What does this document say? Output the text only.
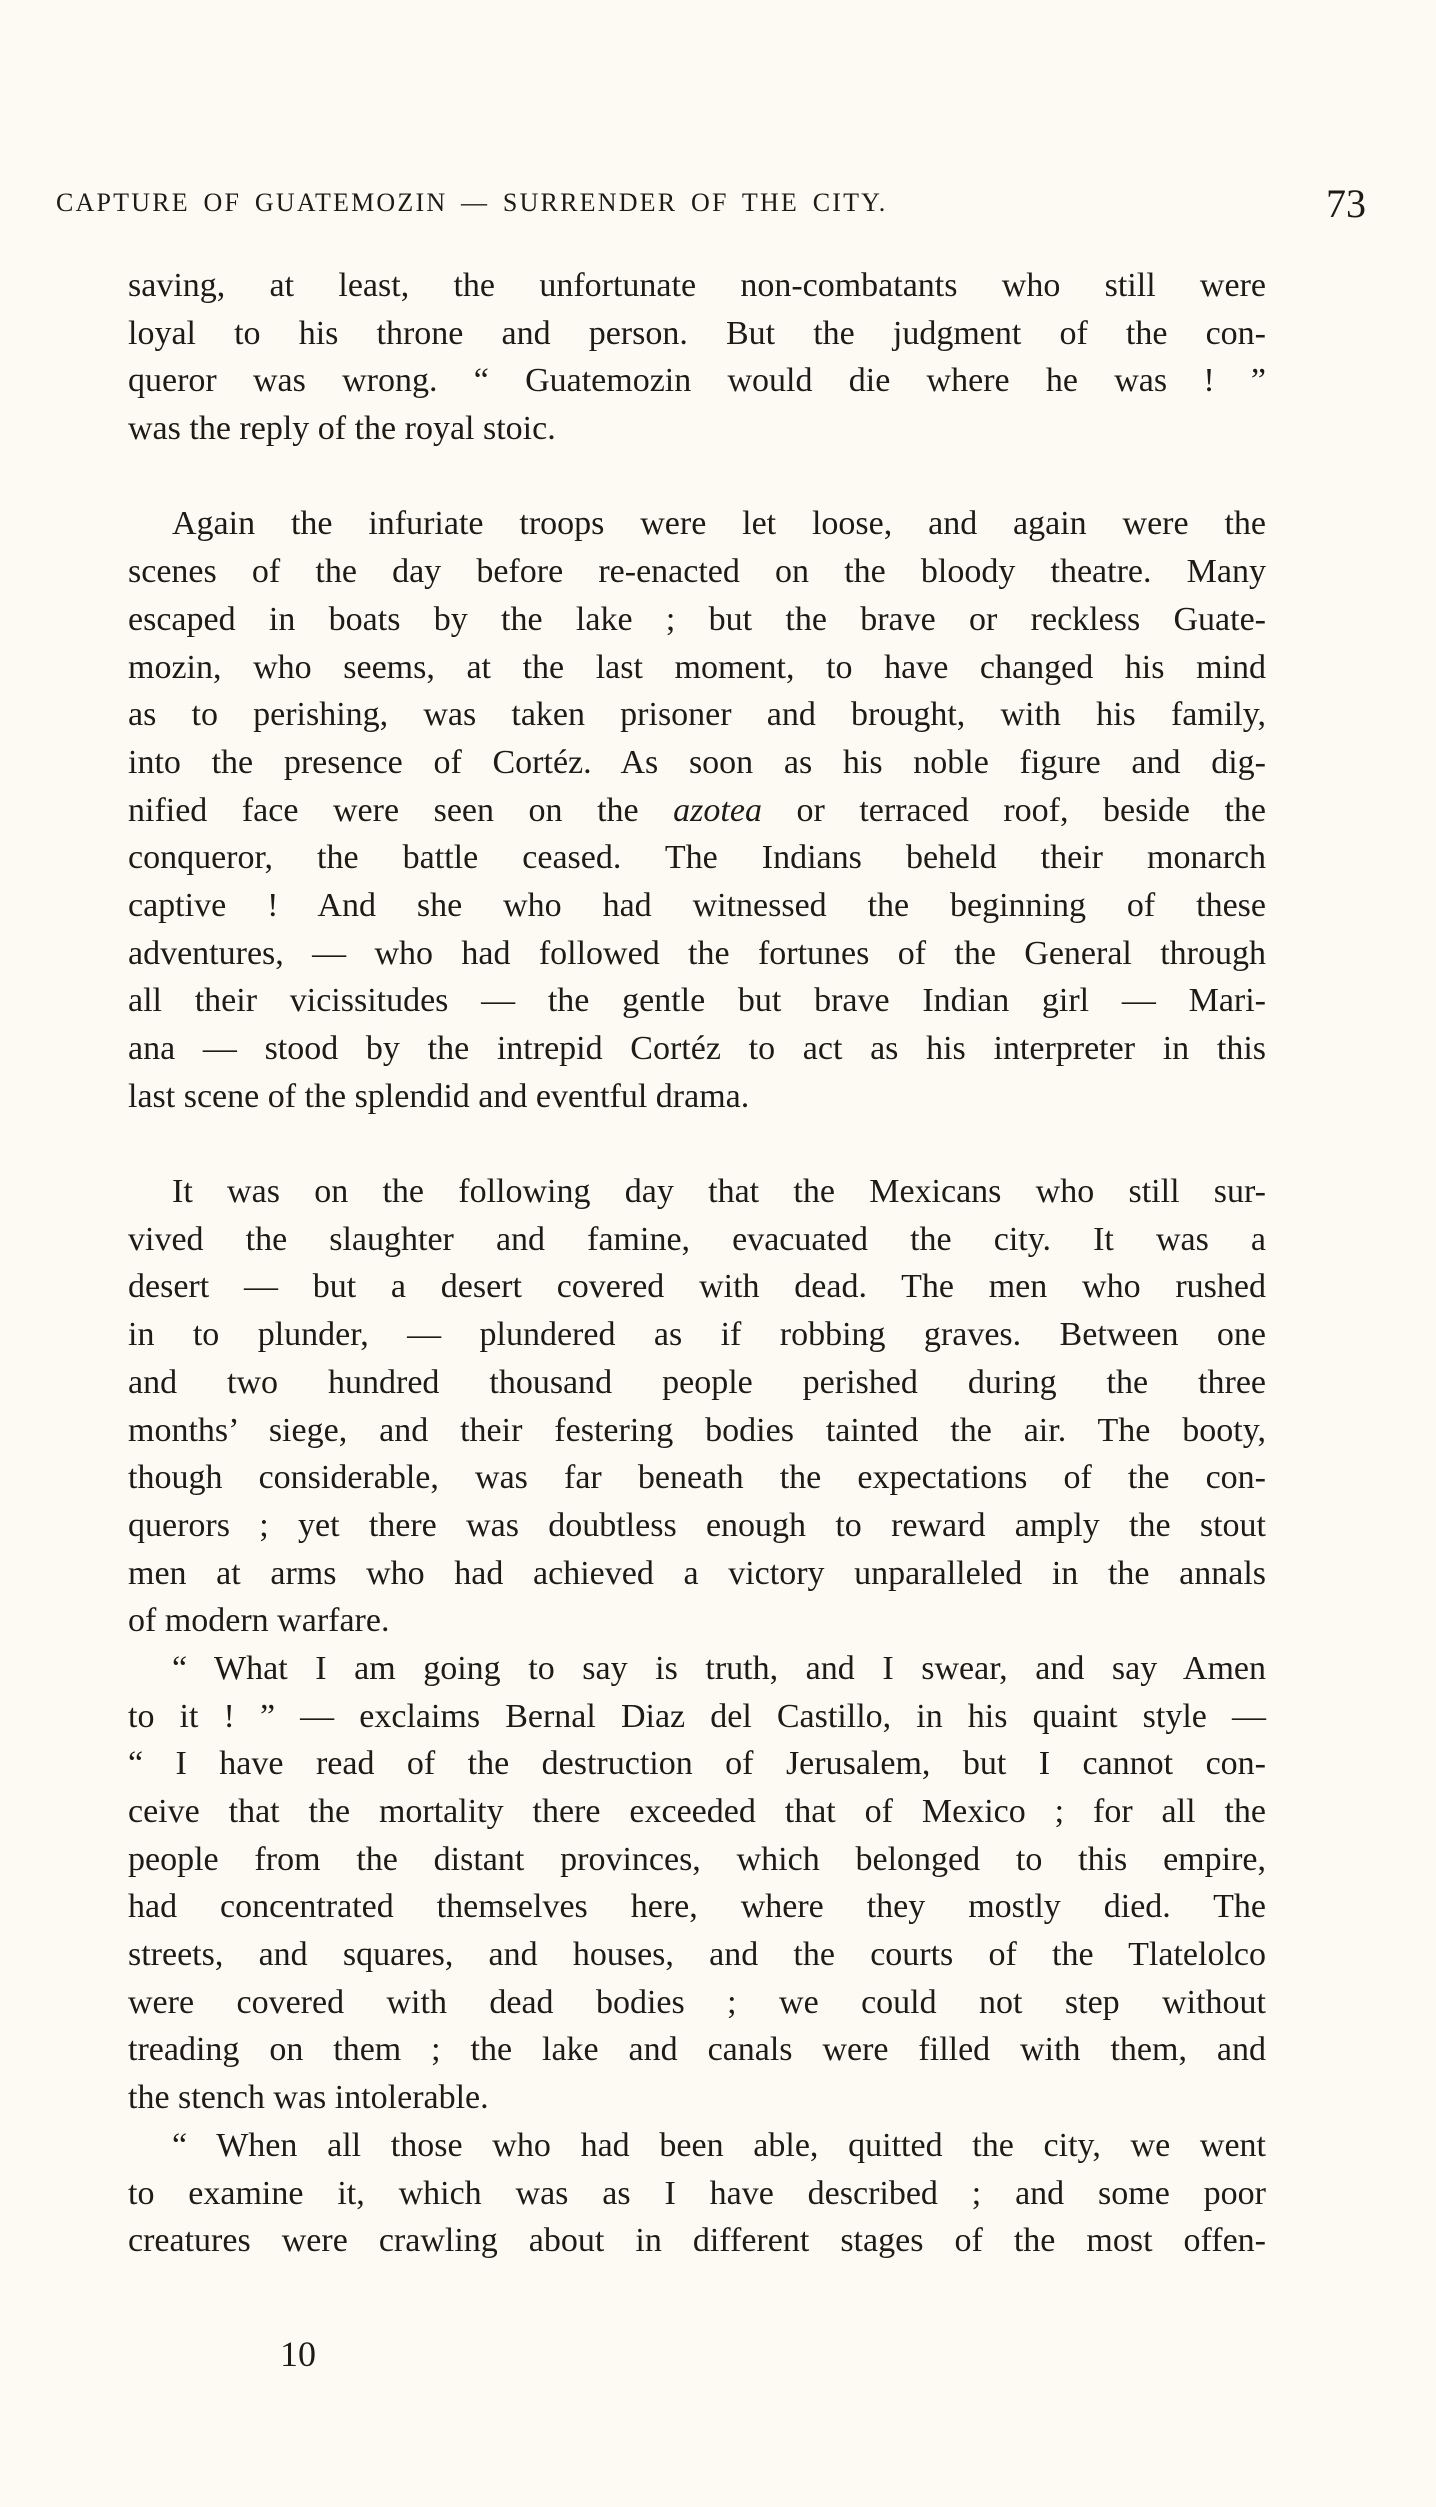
CAPTURE OF GUATEMOZIN — SURRENDER OF THE CITY.	73
saving, at least, the unfortunate non-combatants who still were
loyal to his throne and person. But the judgment of the con-
queror was wrong. “ Guatemozin would die where he was ! ”
was the reply of the royal stoic.
Again the infuriate troops were let loose, and again were the
scenes of the day before re-enacted on the bloody theatre. Many
escaped in boats by the lake ; but the brave or reckless Guate-
mozin, who seems, at the last moment, to have changed his mind
as to perishing, was taken prisoner and brought, with his family,
into the presence of Cortéz. As soon as his noble figure and dig-
nified face were seen on the azotea or terraced roof, beside the
conqueror, the battle ceased. The Indians beheld their monarch
captive ! And she who had witnessed the beginning of these
adventures, — who had followed the fortunes of the General through
all their vicissitudes — the gentle but brave Indian girl — Mari-
ana — stood by the intrepid Cortéz to act as his interpreter in this
last scene of the splendid and eventful drama.
It was on the following day that the Mexicans who still sur-
vived the slaughter and famine, evacuated the city. It was a
desert — but a desert covered with dead. The men who rushed
in to plunder, — plundered as if robbing graves. Between one
and two hundred thousand people perished during the three
months’ siege, and their festering bodies tainted the air. The booty,
though considerable, was far beneath the expectations of the con-
querors ; yet there was doubtless enough to reward amply the stout
men at arms who had achieved a victory unparalleled in the annals
of modern warfare.
“ What I am going to say is truth, and I swear, and say Amen
to it ! ” — exclaims Bernal Diaz del Castillo, in his quaint style —
“ I have read of the destruction of Jerusalem, but I cannot con-
ceive that the mortality there exceeded that of Mexico ; for all the
people from the distant provinces, which belonged to this empire,
had concentrated themselves here, where they mostly died. The
streets, and squares, and houses, and the courts of the Tlatelolco
were covered with dead bodies ; we could not step without
treading on them ; the lake and canals were filled with them, and
the stench was intolerable.
“ When all those who had been able, quitted the city, we went
to examine it, which was as I have described ; and some poor
creatures were crawling about in different stages of the most offen-
10
